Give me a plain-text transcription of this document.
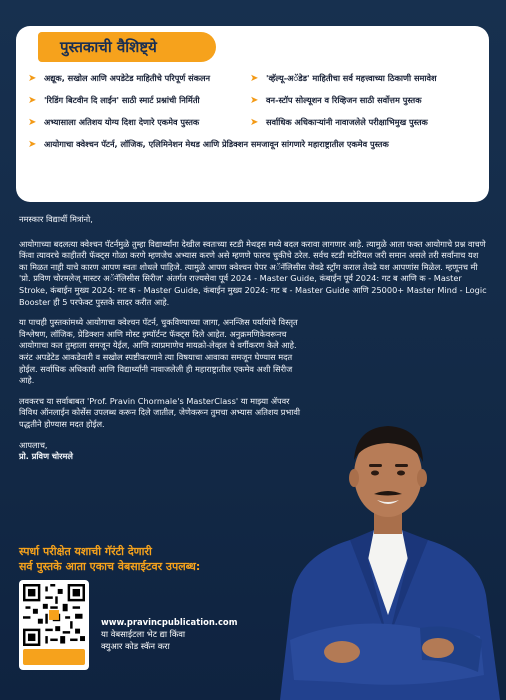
पुस्तकाची वैशिष्ट्ये
➤ अद्यूक, सखोल आणि अपडेटेड माहितीचे परिपूर्ण संकलन	➤ 'व्हॅल्यू-अॅडेड' माहितीचा सर्व महत्त्वाच्या ठिकाणी समावेश
➤ 'रिडिंग बिटवीन दि लाईन' साठी स्मार्ट प्रश्नांची निर्मिती	➤ वन-स्टॉप सोल्यूशन व रिव्हिजन साठी सर्वोत्तम पुस्तक
➤ अभ्यासाला अतिशय योग्य दिशा देणारे एकमेव पुस्तक	➤ सर्वाधिक अधिकाऱ्यांनी नावाजलेले परीक्षाभिमुख पुस्तक
➤ आयोगाचा क्वेश्चन पॅटर्न, लॉजिक, एलिमिनेशन मेथड आणि प्रेडिक्शन समजावून सांगणारे महाराष्ट्रातील एकमेव पुस्तक
नमस्कार विद्यार्थी मित्रांनो,

आयोगाच्या बदलत्या क्वेश्चन पॅटर्नमुळे तुम्हा विद्यार्थ्यांना देखील स्वतःच्या स्टडी मेथड्स मध्ये बदल करावा लागणार आहे. त्यामुळे आता फक्त आयोगाचे प्रश्न वाचणे किंवा त्यावरचे काहीतरी फॅक्ट्स गोळा करणे म्हणजेच अभ्यास करणे असे म्हणणे फारच चुकीचे ठरेल. सर्वच स्टडी मटेरियल जरी समान असले तरी सर्वांनाच यश का मिळत नाही याचे कारण आपण स्वतः शोधले पाहिजे. त्यामुळे आपण क्वेश्चन पेपर अॅनॅलिसीस जेवढे स्ट्रॉंग कराल तेवढे यश आपणांस मिळेल. म्हणूनच मी 'प्रो. प्रविण चोरमलेज् मास्टर अॅनॅलिसीस सिरीज' अंतर्गत राज्यसेवा पूर्व 2024 - Master Guide, कंबाईन पूर्व 2024: गट ब आणि क - Master Stroke, कंबाईन मुख्य 2024: गट क - Master Guide, कंबाईन मुख्य 2024: गट ब - Master Guide आणि 25000+ Master Mind - Logic Booster ही 5 परफेक्ट पुस्तके सादर करीत आहे.

या पाचही पुस्तकांमध्ये आयोगाचा क्वेश्चन पॅटर्न, चुकविण्याच्या जागा, अनन्जिस पर्यायांचे विस्तृत विश्लेषण, लॉजिक, प्रेडिक्शन आणि मोस्ट इम्पॉर्टन्ट फॅक्ट्स दिले आहेत. अनुक्रमणिकेवरूनच आयोगाचा कल तुम्हाला समजून येईल, आणि त्याप्रमाणेच मायक्रो-लेव्हल चे वर्गीकरण केले आहे. करंट अपडेटेड आकडेवारी व सखोल स्पष्टीकरणाने त्या विषयाचा आवाका समजून घेण्यास मदत होईल. सर्वाधिक अधिकारी आणि विद्यार्थ्यांनी नावाजलेली ही महाराष्ट्रातील एकमेव अशी सिरीज आहे.

लवकरच या सर्वाबाबत 'Prof. Pravin Chormale's MasterClass' या माझ्या ॲपवर विविध ऑनलाईन कोर्सेस उपलब्ध करून दिले जातील, जेणेकरून तुमचा अभ्यास अतिशय प्रभावी पद्धतीने होण्यास मदत होईल.

आपलाच,
प्रो. प्रविण चोरमले
स्पर्धा परीक्षेत यशाची गॅरंटी देणारी
सर्व पुस्तके आता एकाच वेबसाईटवर उपलब्ध:
www.pravincpublication.com
या वेबसाईटला भेट द्या किंवा
क्युआर कोड स्कॅन करा
